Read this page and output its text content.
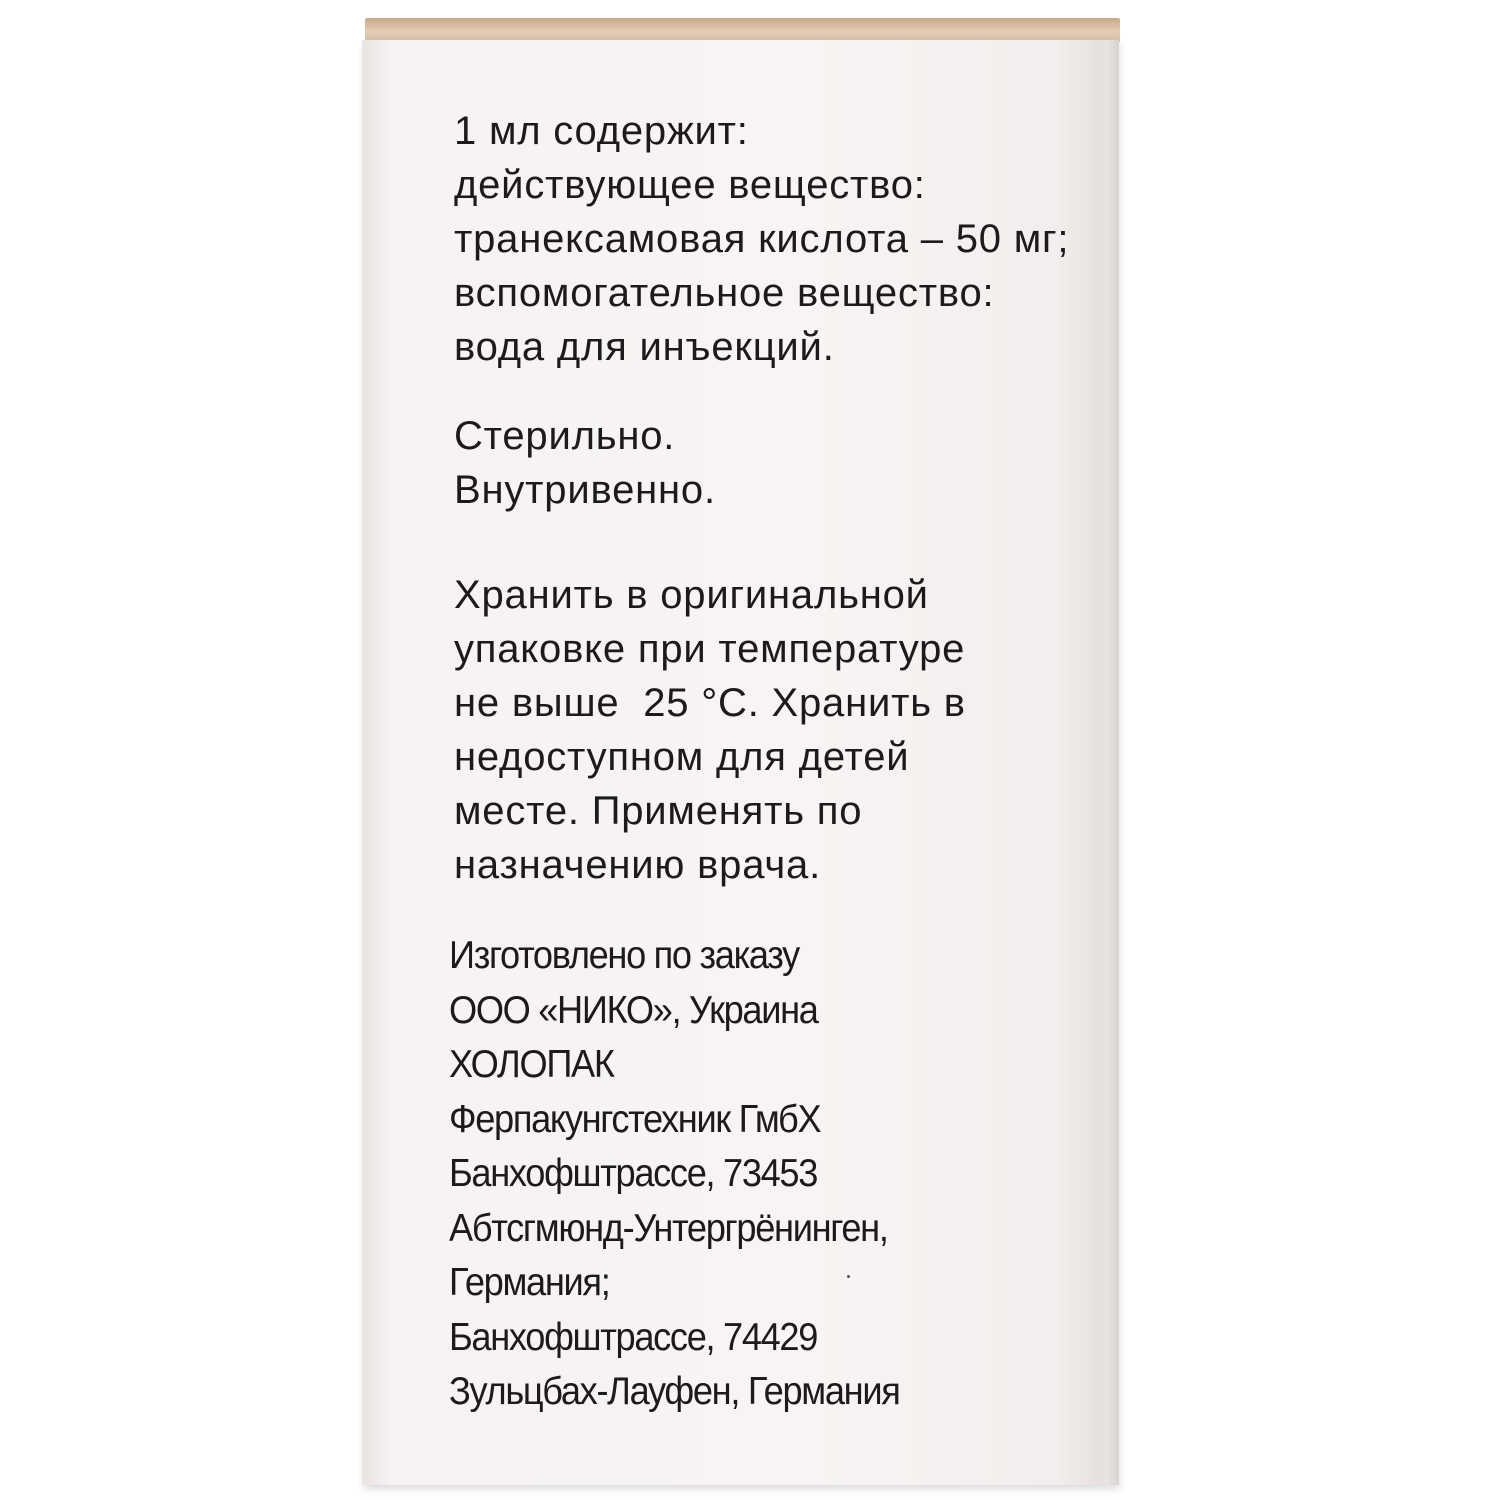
1 мл содержит:
действующее вещество:
транексамовая кислота – 50 мг;
вспомогательное вещество:
вода для инъекций.
Стерильно.
Внутривенно.
Хранить в оригинальной
упаковке при температуре
не выше  25 °С. Хранить в
недоступном для детей
месте. Применять по
назначению врача.
Изготовлено по заказу
ООО «НИКО», Украина
ХОЛОПАК
Ферпакунгстехник ГмбХ
Банхофштрассе, 73453
Абтсгмюнд-Унтергрёнинген,
Германия;
Банхофштрассе, 74429
Зульцбах-Лауфен, Германия
